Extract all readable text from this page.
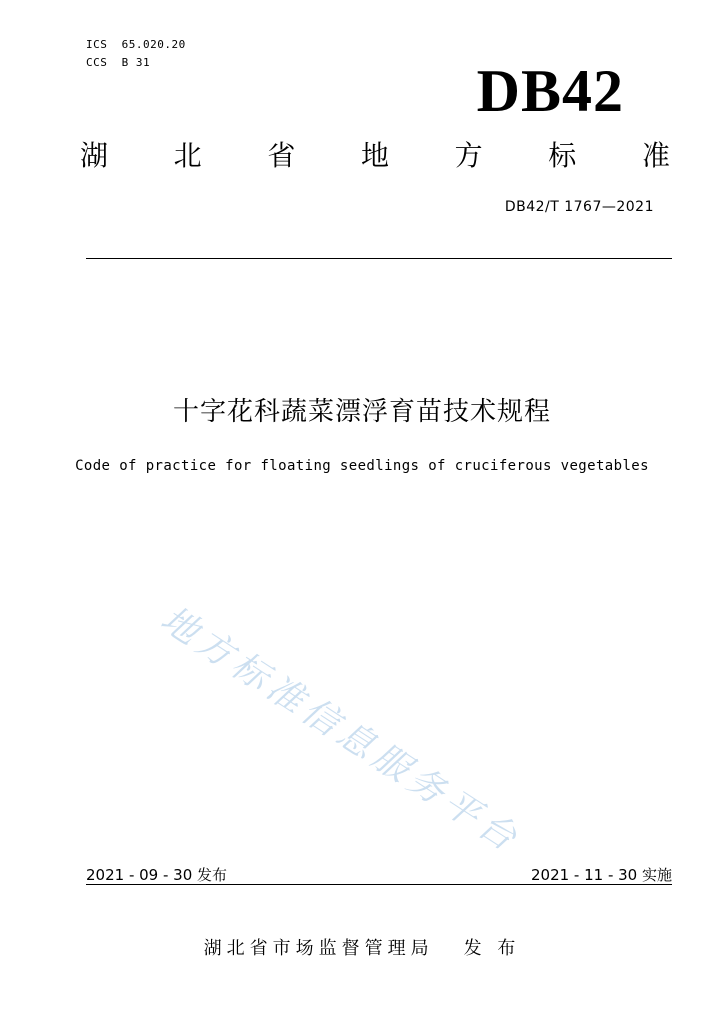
ICS  65.020.20
CCS  B 31	DB42
湖 北 省 地 方 标 准
DB42/T 1767—2021
十字花科蔬菜漂浮育苗技术规程
Code of practice for floating seedlings of cruciferous vegetables
地方标准信息服务平台
2021 - 09 - 30 发布	2021 - 11 - 30 实施
湖北省市场监督管理局 发 布
